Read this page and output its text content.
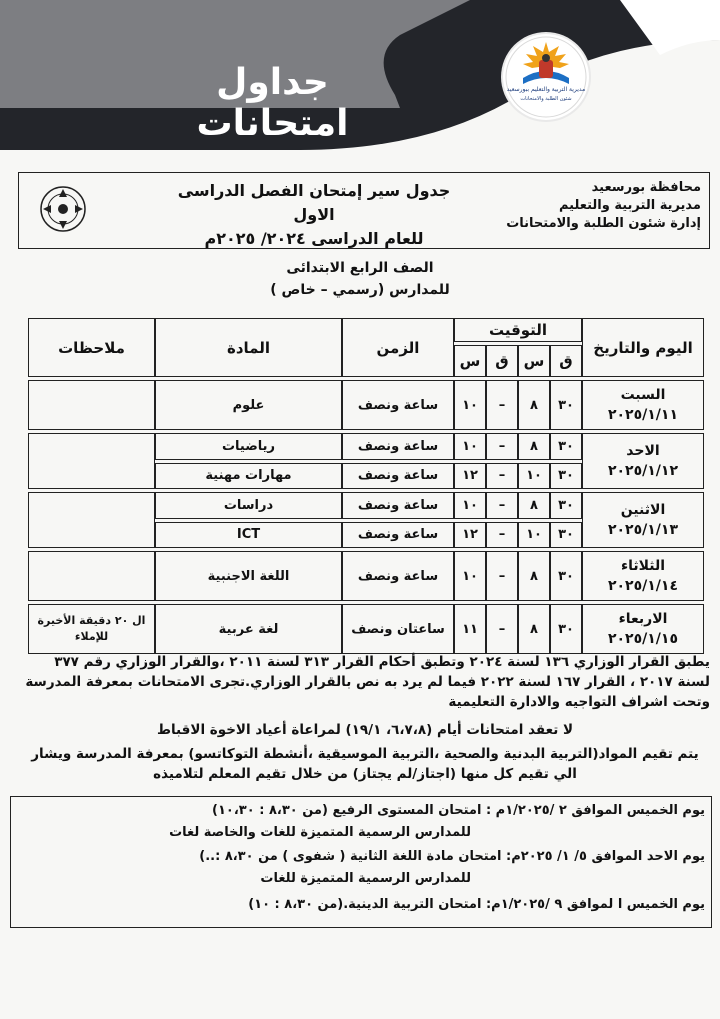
جداول امتحانات
مديرية التربية والتعليم ببورسعيد
شئون الطلبة والامتحانات
محافظة بورسعيد
مديرية التربية والتعليم
إدارة شئون الطلبة والامتحانات
جدول سير إمتحان الفصل الدراسى الاول
للعام الدراسى ٢٠٢٤/ ٢٠٢٥م
الصف الرابع الابتدائى
للمدارس (رسمي – خاص )
اليوم والتاريخ	التوقيت				الزمن	المادة	ملاحظات
	ق	س	ق	س			

السبت
٢٠٢٥/١/١١	٣٠	٨	–	١٠	ساعة ونصف	علوم	

الاحد
٢٠٢٥/١/١٢	٣٠	٨	–	١٠	ساعة ونصف	رياضيات	
	٣٠	١٠	–	١٢	ساعة ونصف	مهارات مهنية	

الاثنين
٢٠٢٥/١/١٣	٣٠	٨	–	١٠	ساعة ونصف	دراسات	
	٣٠	١٠	–	١٢	ساعة ونصف	ICT	

الثلاثاء
٢٠٢٥/١/١٤	٣٠	٨	–	١٠	ساعة ونصف	اللغة الاجنبية	

الاربعاء
٢٠٢٥/١/١٥	٣٠	٨	–	١١	ساعتان ونصف	لغة عربية	ال ٢٠ دقيقة الأخيرة للإملاء
يطبق القرار الوزاري ١٣٦ لسنة ٢٠٢٤ وتطبق أحكام القرار ٣١٣ لسنة ٢٠١١ ،والقرار الوزاري رقم ٣٧٧ لسنة ٢٠١٧ ، القرار ١٦٧ لسنة ٢٠٢٢ فيما لم يرد به نص بالقرار الوزاري.تجرى الامتحانات بمعرفة المدرسة وتحت اشراف التواجيه والادارة التعليمية
لا تعقد امتحانات أيام (٦،٧،٨، ١٩/١) لمراعاة أعياد الاخوة الاقباط
يتم تقيم المواد(التربية البدنية والصحية ،التربية الموسيقية ،أنشطة التوكاتسو) بمعرفة المدرسة ويشار الي تقيم كل منها (اجتاز/لم يجتاز) من خلال تقيم المعلم لتلاميذه
يوم الخميس الموافق ٢ /١/٢٠٢٥م : امتحان المستوى الرفيع (من ٨،٣٠ : ١٠،٣٠)
للمدارس الرسمية المتميزة للغات والخاصة لغات
يوم الاحد الموافق ٥/ ١/ ٢٠٢٥م: امتحان مادة اللغة الثانية ( شفوى ) من ٨،٣٠ :..)
للمدارس الرسمية المتميزة للغات
يوم الخميس ا لموافق ٩ /١/٢٠٢٥م: امتحان التربية الدينية.(من ٨،٣٠ : ١٠)
